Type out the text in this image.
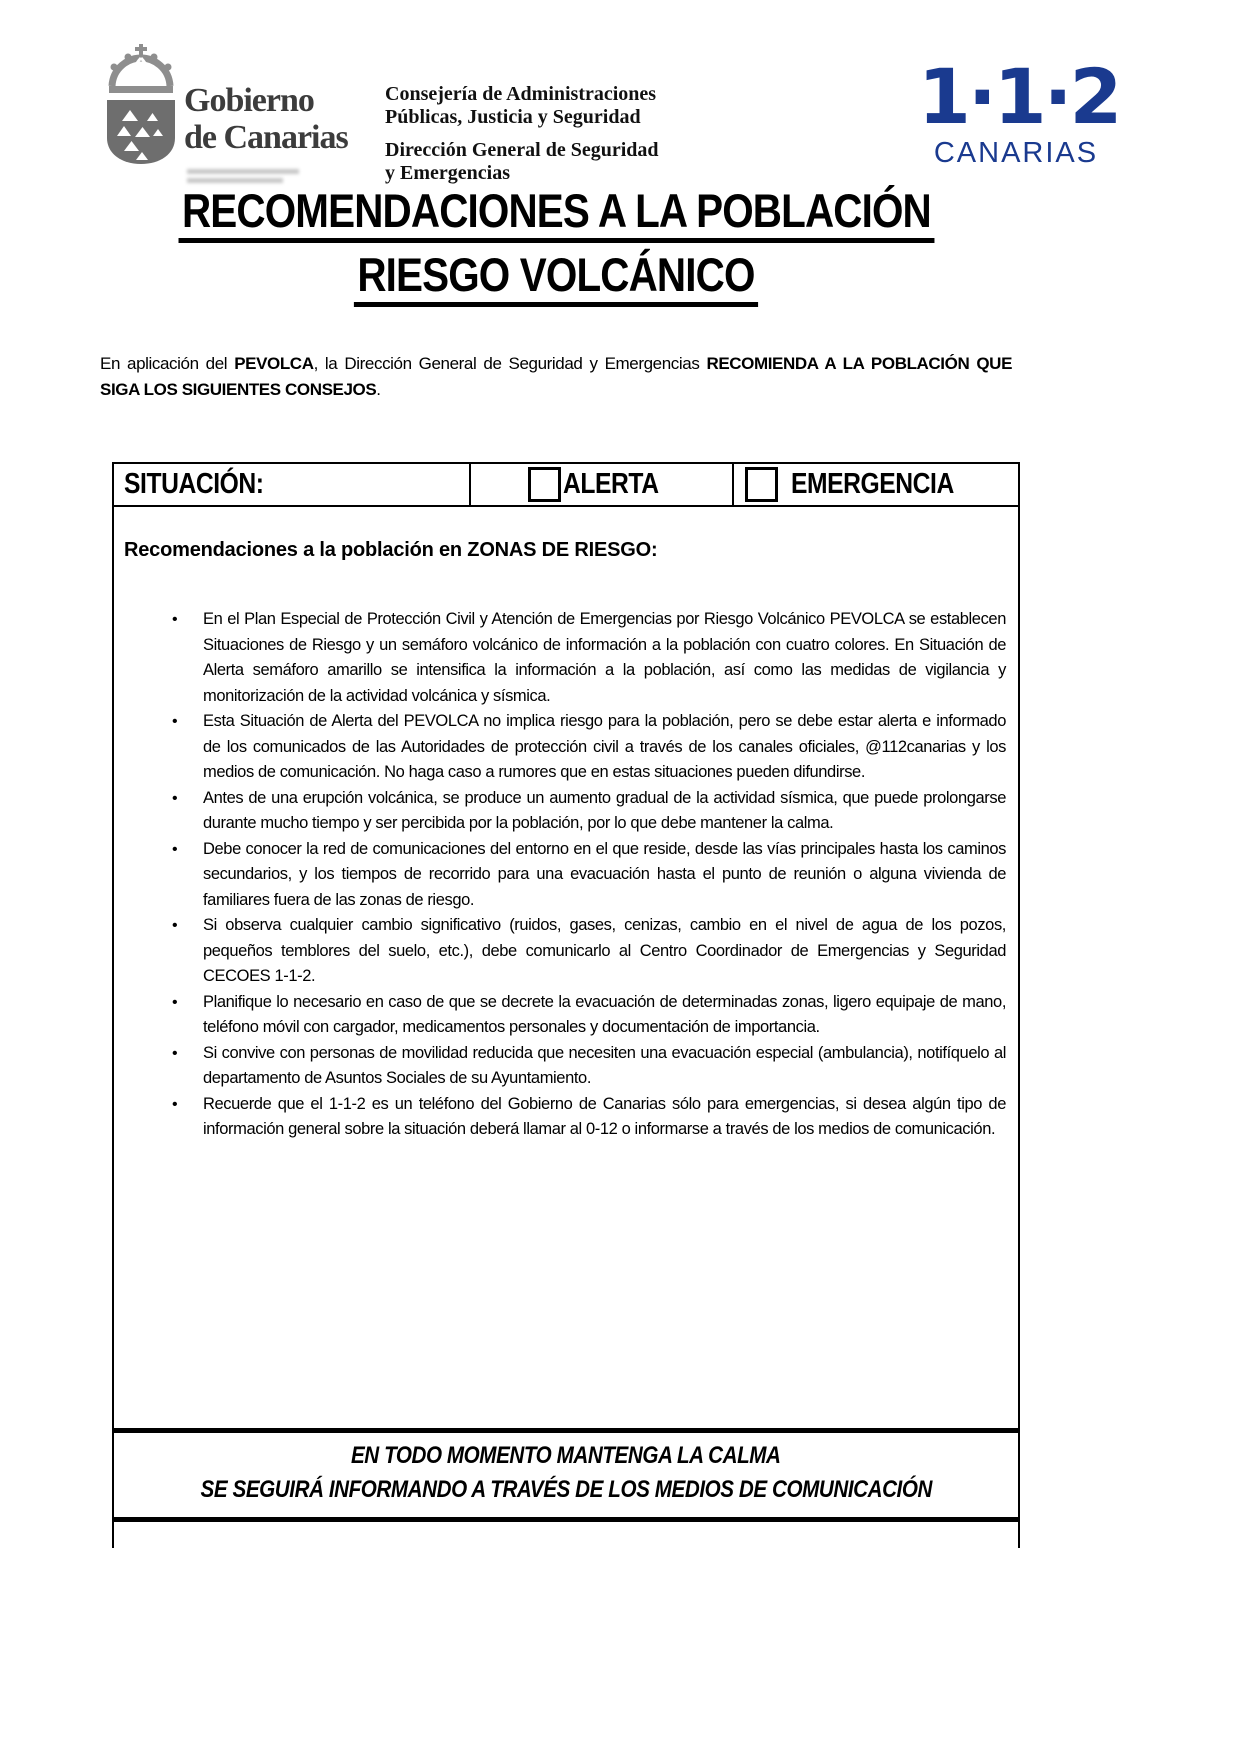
Gobierno
de Canarias
Consejería de Administraciones
Públicas, Justicia y Seguridad
Dirección General de Seguridad
y Emergencias
1·1·2
CANARIAS
RECOMENDACIONES A LA POBLACIÓN
RIESGO VOLCÁNICO

En aplicación del PEVOLCA, la Dirección General de Seguridad y Emergencias RECOMIENDA A LA POBLACIÓN QUE SIGA LOS SIGUIENTES CONSEJOS.

SITUACIÓN:	ALERTA	EMERGENCIA
Recomendaciones a la población en ZONAS DE RIESGO:
• En el Plan Especial de Protección Civil y Atención de Emergencias por Riesgo Volcánico PEVOLCA se establecen Situaciones de Riesgo y un semáforo volcánico de información a la población con cuatro colores. En Situación de Alerta semáforo amarillo se intensifica la información a la población, así como las medidas de vigilancia y monitorización de la actividad volcánica y sísmica.
• Esta Situación de Alerta del PEVOLCA no implica riesgo para la población, pero se debe estar alerta e informado de los comunicados de las Autoridades de protección civil a través de los canales oficiales, @112canarias y los medios de comunicación. No haga caso a rumores que en estas situaciones pueden difundirse.
• Antes de una erupción volcánica, se produce un aumento gradual de la actividad sísmica, que puede prolongarse durante mucho tiempo y ser percibida por la población, por lo que debe mantener la calma.
• Debe conocer la red de comunicaciones del entorno en el que reside, desde las vías principales hasta los caminos secundarios, y los tiempos de recorrido para una evacuación hasta el punto de reunión o alguna vivienda de familiares fuera de las zonas de riesgo.
• Si observa cualquier cambio significativo (ruidos, gases, cenizas, cambio en el nivel de agua de los pozos, pequeños temblores del suelo, etc.), debe comunicarlo al Centro Coordinador de Emergencias y Seguridad CECOES 1-1-2.
• Planifique lo necesario en caso de que se decrete la evacuación de determinadas zonas, ligero equipaje de mano, teléfono móvil con cargador, medicamentos personales y documentación de importancia.
• Si convive con personas de movilidad reducida que necesiten una evacuación especial (ambulancia), notifíquelo al departamento de Asuntos Sociales de su Ayuntamiento.
• Recuerde que el 1-1-2 es un teléfono del Gobierno de Canarias sólo para emergencias, si desea algún tipo de información general sobre la situación deberá llamar al 0-12 o informarse a través de los medios de comunicación.
EN TODO MOMENTO MANTENGA LA CALMA
SE SEGUIRÁ INFORMANDO A TRAVÉS DE LOS MEDIOS DE COMUNICACIÓN
